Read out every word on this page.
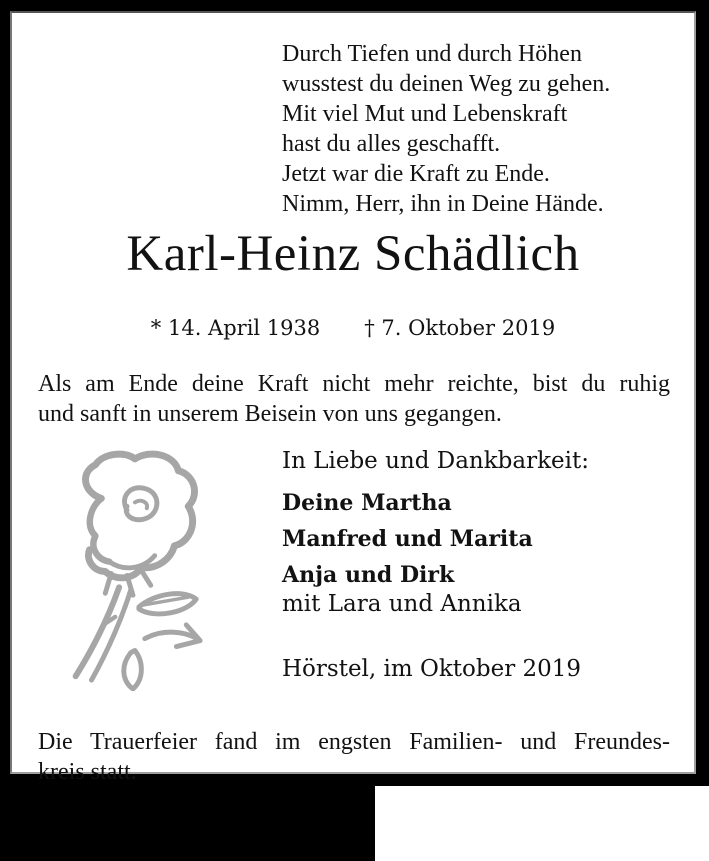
Durch Tiefen und durch Höhen
wusstest du deinen Weg zu gehen.
Mit viel Mut und Lebenskraft
hast du alles geschafft.
Jetzt war die Kraft zu Ende.
Nimm, Herr, ihn in Deine Hände.
Karl-Heinz Schädlich
* 14. April 1938 † 7. Oktober 2019
Als am Ende deine Kraft nicht mehr reichte, bist du ruhig
und sanft in unserem Beisein von uns gegangen.
In Liebe und Dankbarkeit:
Deine Martha
Manfred und Marita
Anja und Dirk
mit Lara und Annika
Hörstel, im Oktober 2019
Die Trauerfeier fand im engsten Familien- und Freundes-
kreis statt.
